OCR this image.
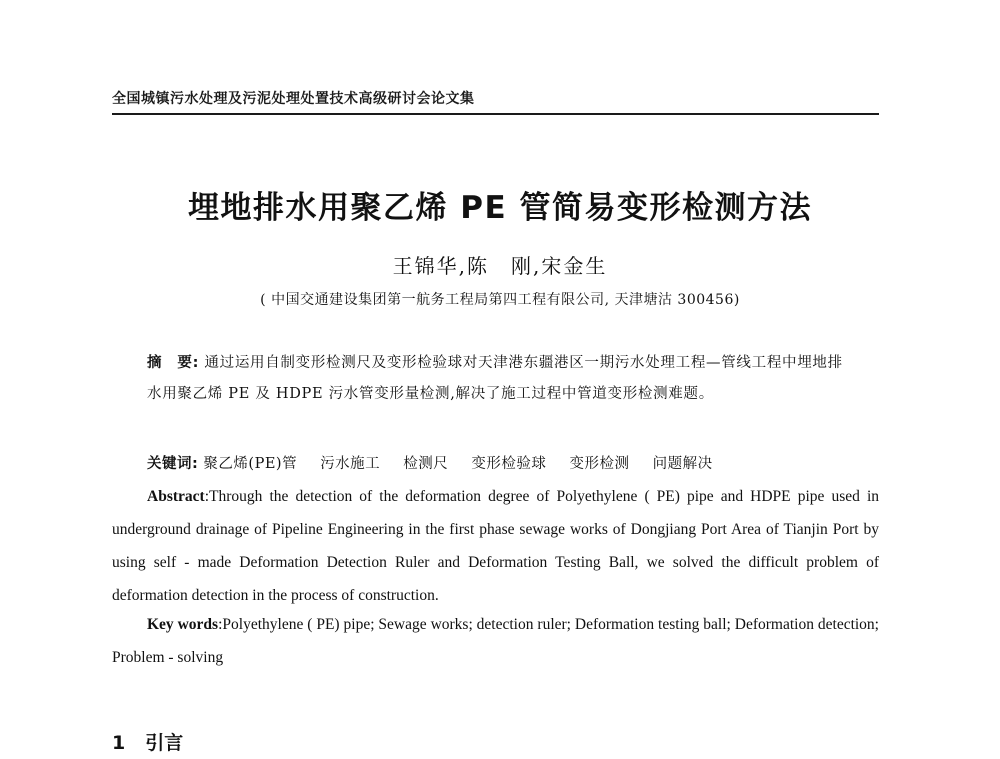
全国城镇污水处理及污泥处理处置技术高级研讨会论文集
埋地排水用聚乙烯 PE 管简易变形检测方法
王锦华,陈　刚,宋金生
( 中国交通建设集团第一航务工程局第四工程有限公司, 天津塘沽 300456)
摘　要: 通过运用自制变形检测尺及变形检验球对天津港东疆港区一期污水处理工程—管线工程中埋地排水用聚乙烯 PE 及 HDPE 污水管变形量检测,解决了施工过程中管道变形检测难题。
关键词: 聚乙烯(PE)管 污水施工 检测尺 变形检验球 变形检测 问题解决
Abstract:Through the detection of the deformation degree of Polyethylene ( PE) pipe and HDPE pipe used in underground drainage of Pipeline Engineering in the first phase sewage works of Dongjiang Port Area of Tianjin Port by using self - made Deformation Detection Ruler and Deformation Testing Ball, we solved the difficult problem of deformation detection in the process of construction.
Key words:Polyethylene ( PE) pipe; Sewage works; detection ruler; Deformation testing ball; Deformation detection; Problem - solving
1 引言
